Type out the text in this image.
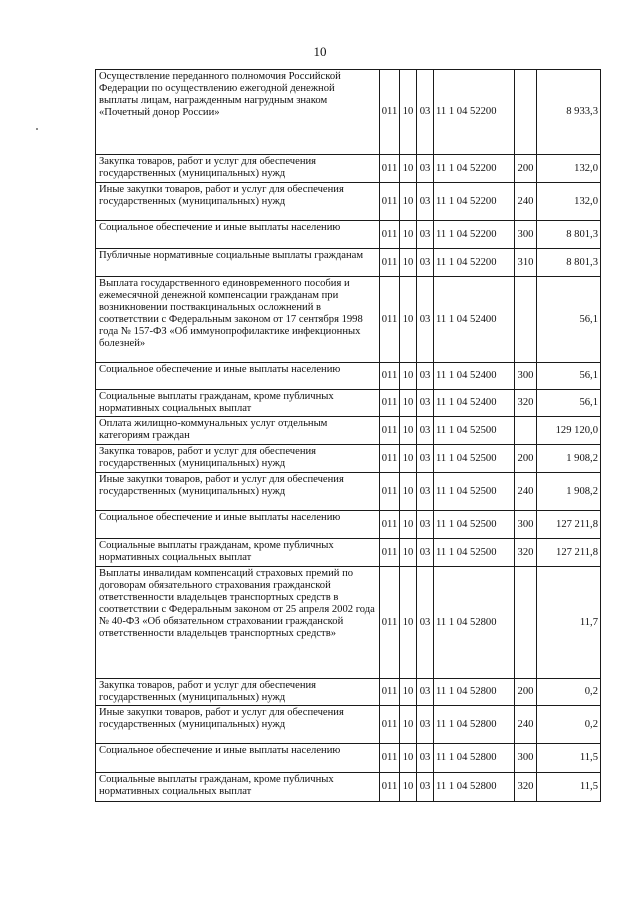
10
Осуществление переданного полномочия Российской Федерации по осуществлению ежегодной денежной выплаты лицам, награжденным нагрудным знаком «Почетный донор России»	011	10	03	11 1 04 52200		8 933,3
Закупка товаров, работ и услуг для обеспечения государственных (муниципальных) нужд	011	10	03	11 1 04 52200	200	132,0
Иные закупки товаров, работ и услуг для обеспечения государственных (муниципальных) нужд	011	10	03	11 1 04 52200	240	132,0
Социальное обеспечение и иные выплаты населению	011	10	03	11 1 04 52200	300	8 801,3
Публичные нормативные социальные выплаты гражданам	011	10	03	11 1 04 52200	310	8 801,3
Выплата государственного единовременного пособия и ежемесячной денежной компенсации гражданам при возникновении поствакцинальных осложнений в соответствии с Федеральным законом от 17 сентября 1998 года № 157-ФЗ «Об иммунопрофилактике инфекционных болезней»	011	10	03	11 1 04 52400		56,1
Социальное обеспечение и иные выплаты населению	011	10	03	11 1 04 52400	300	56,1
Социальные выплаты гражданам, кроме публичных нормативных социальных выплат	011	10	03	11 1 04 52400	320	56,1
Оплата жилищно-коммунальных услуг отдельным категориям граждан	011	10	03	11 1 04 52500		129 120,0
Закупка товаров, работ и услуг для обеспечения государственных (муниципальных) нужд	011	10	03	11 1 04 52500	200	1 908,2
Иные закупки товаров, работ и услуг для обеспечения государственных (муниципальных) нужд	011	10	03	11 1 04 52500	240	1 908,2
Социальное обеспечение и иные выплаты населению	011	10	03	11 1 04 52500	300	127 211,8
Социальные выплаты гражданам, кроме публичных нормативных социальных выплат	011	10	03	11 1 04 52500	320	127 211,8
Выплаты инвалидам компенсаций страховых премий по договорам обязательного страхования гражданской ответственности владельцев транспортных средств в соответствии с Федеральным законом от 25 апреля 2002 года № 40-ФЗ «Об обязательном страховании гражданской ответственности владельцев транспортных средств»	011	10	03	11 1 04 52800		11,7
Закупка товаров, работ и услуг для обеспечения государственных (муниципальных) нужд	011	10	03	11 1 04 52800	200	0,2
Иные закупки товаров, работ и услуг для обеспечения государственных (муниципальных) нужд	011	10	03	11 1 04 52800	240	0,2
Социальное обеспечение и иные выплаты населению	011	10	03	11 1 04 52800	300	11,5
Социальные выплаты гражданам, кроме публичных нормативных социальных выплат	011	10	03	11 1 04 52800	320	11,5
